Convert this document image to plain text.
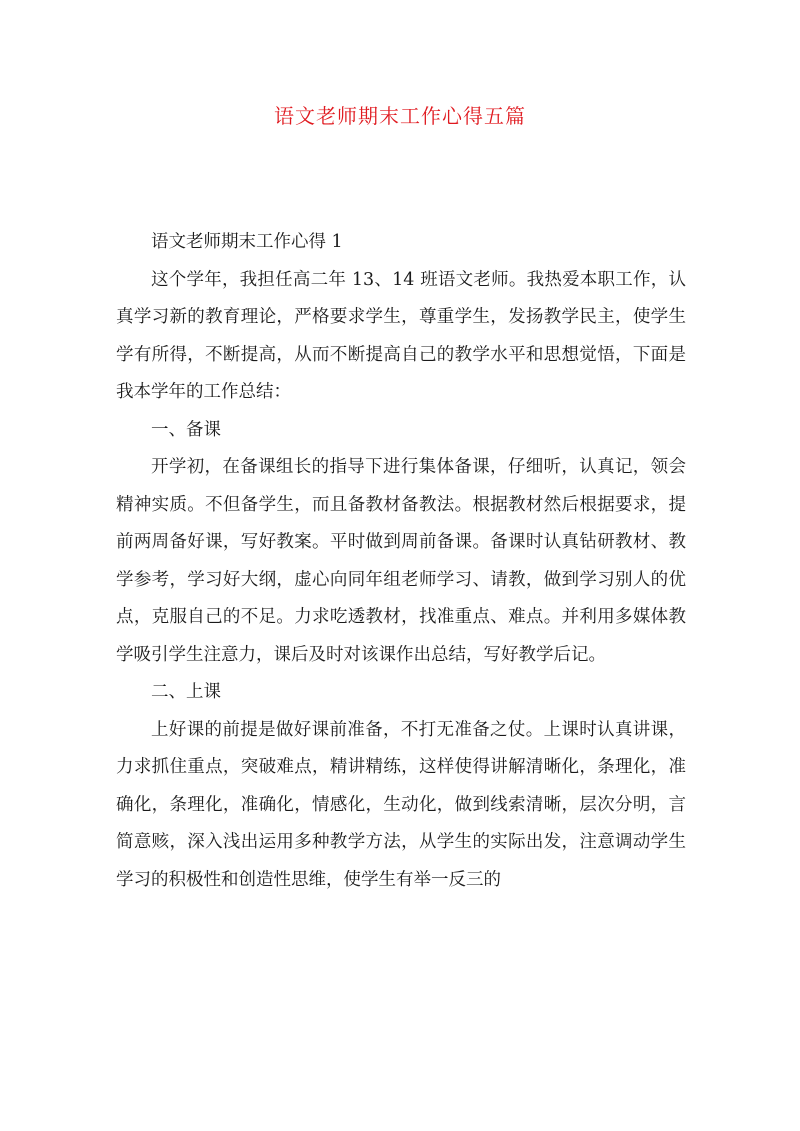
语文老师期末工作心得五篇

语文老师期末工作心得 1

这个学年，我担任高二年 13、14 班语文老师。我热爱本职工作，认真学习新的教育理论，严格要求学生，尊重学生，发扬教学民主，使学生学有所得，不断提高，从而不断提高自己的教学水平和思想觉悟，下面是我本学年的工作总结：

一、备课

开学初，在备课组长的指导下进行集体备课，仔细听，认真记，领会精神实质。不但备学生，而且备教材备教法。根据教材然后根据要求，提前两周备好课，写好教案。平时做到周前备课。备课时认真钻研教材、教学参考，学习好大纲，虚心向同年组老师学习、请教，做到学习别人的优点，克服自己的不足。力求吃透教材，找准重点、难点。并利用多媒体教学吸引学生注意力，课后及时对该课作出总结，写好教学后记。

二、上课

上好课的前提是做好课前准备，不打无准备之仗。上课时认真讲课，力求抓住重点，突破难点，精讲精练，这样使得讲解清晰化，条理化，准确化，条理化，准确化，情感化，生动化，做到线索清晰，层次分明，言简意赅，深入浅出运用多种教学方法，从学生的实际出发，注意调动学生学习的积极性和创造性思维，使学生有举一反三的
